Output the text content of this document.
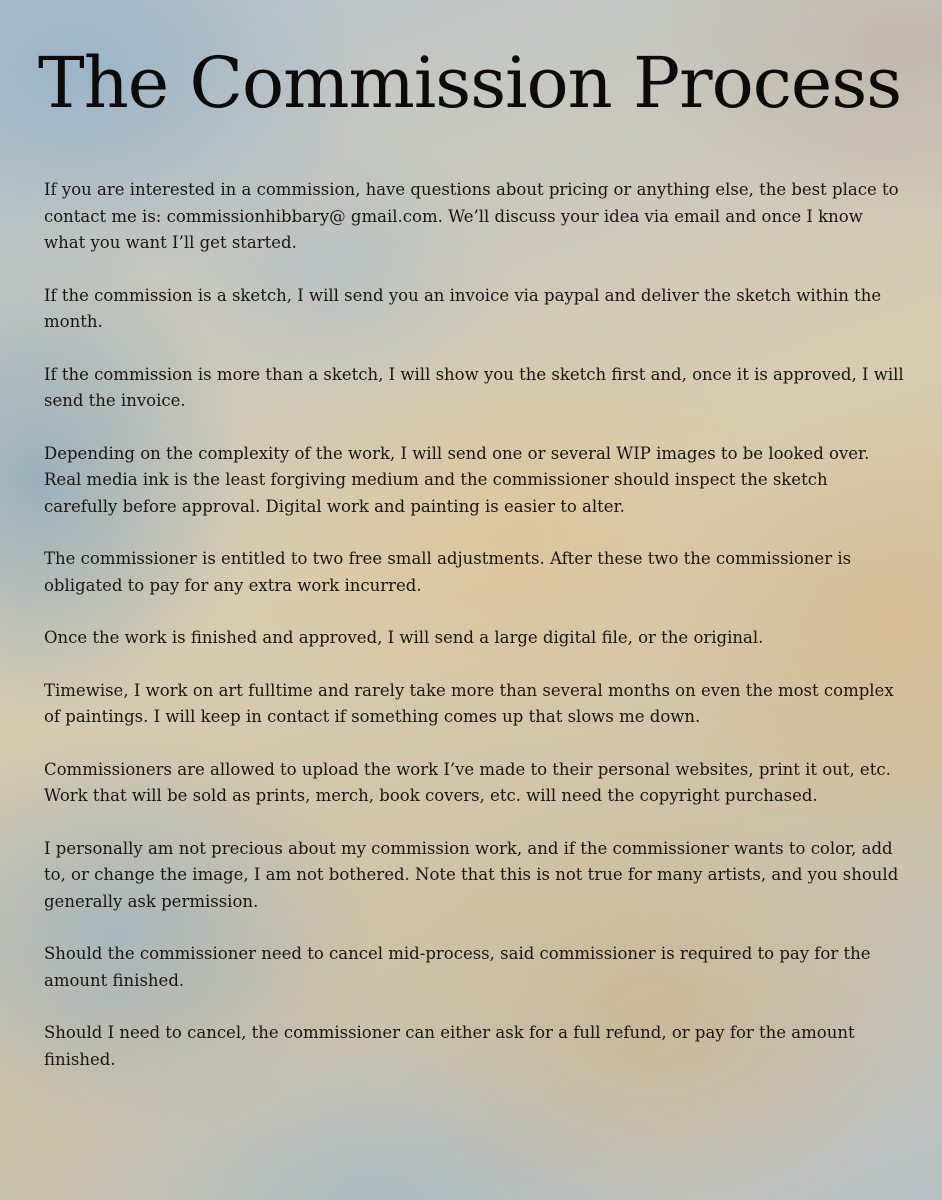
The Commission Process

If you are interested in a commission, have questions about pricing or anything else, the best place to contact me is: commissionhibbary@ gmail.com. We’ll discuss your idea via email and once I know what you want I’ll get started.

If the commission is a sketch, I will send you an invoice via paypal and deliver the sketch within the month.

If the commission is more than a sketch, I will show you the sketch first and, once it is approved, I will send the invoice.

Depending on the complexity of the work, I will send one or several WIP images to be looked over. Real media ink is the least forgiving medium and the commissioner should inspect the sketch carefully before approval. Digital work and painting is easier to alter.

The commissioner is entitled to two free small adjustments. After these two the commissioner is obligated to pay for any extra work incurred.

Once the work is finished and approved, I will send a large digital file, or the original.

Timewise, I work on art fulltime and rarely take more than several months on even the most complex of paintings. I will keep in contact if something comes up that slows me down.

Commissioners are allowed to upload the work I’ve made to their personal websites, print it out, etc. Work that will be sold as prints, merch, book covers, etc. will need the copyright purchased.

I personally am not precious about my commission work, and if the commissioner wants to color, add to, or change the image, I am not bothered. Note that this is not true for many artists, and you should generally ask permission.

Should the commissioner need to cancel mid-process, said commissioner is required to pay for the amount finished.

Should I need to cancel, the commissioner can either ask for a full refund, or pay for the amount finished.
